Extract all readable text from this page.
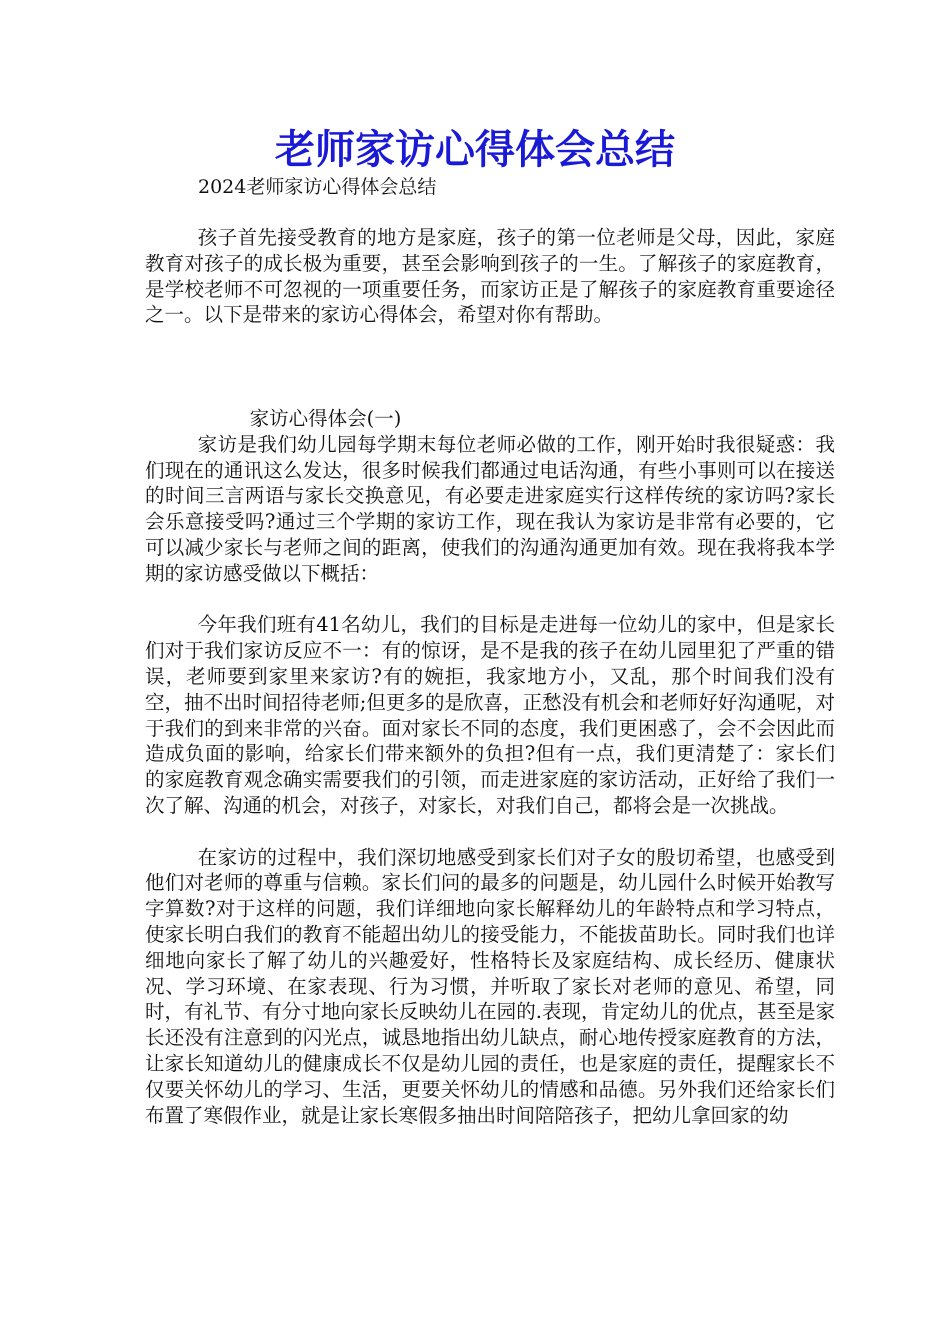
老师家访心得体会总结
2024老师家访心得体会总结

孩子首先接受教育的地方是家庭，孩子的第一位老师是父母，因此，家庭教育对孩子的成长极为重要，甚至会影响到孩子的一生。了解孩子的家庭教育，是学校老师不可忽视的一项重要任务，而家访正是了解孩子的家庭教育重要途径之一。以下是带来的家访心得体会，希望对你有帮助。

家访心得体会(一)

家访是我们幼儿园每学期末每位老师必做的工作，刚开始时我很疑惑：我们现在的通讯这么发达，很多时候我们都通过电话沟通，有些小事则可以在接送的时间三言两语与家长交换意见，有必要走进家庭实行这样传统的家访吗?家长会乐意接受吗?通过三个学期的家访工作，现在我认为家访是非常有必要的，它可以减少家长与老师之间的距离，使我们的沟通沟通更加有效。现在我将我本学期的家访感受做以下概括：

今年我们班有41名幼儿，我们的目标是走进每一位幼儿的家中，但是家长们对于我们家访反应不一：有的惊讶，是不是我的孩子在幼儿园里犯了严重的错误，老师要到家里来家访?有的婉拒，我家地方小，又乱，那个时间我们没有空，抽不出时间招待老师;但更多的是欣喜，正愁没有机会和老师好好沟通呢，对于我们的到来非常的兴奋。面对家长不同的态度，我们更困惑了，会不会因此而造成负面的影响，给家长们带来额外的负担?但有一点，我们更清楚了：家长们的家庭教育观念确实需要我们的引领，而走进家庭的家访活动，正好给了我们一次了解、沟通的机会，对孩子，对家长，对我们自己，都将会是一次挑战。

在家访的过程中，我们深切地感受到家长们对子女的殷切希望，也感受到他们对老师的尊重与信赖。家长们问的最多的问题是，幼儿园什么时候开始教写字算数?对于这样的问题，我们详细地向家长解释幼儿的年龄特点和学习特点，使家长明白我们的教育不能超出幼儿的接受能力，不能拔苗助长。同时我们也详细地向家长了解了幼儿的兴趣爱好，性格特长及家庭结构、成长经历、健康状况、学习环境、在家表现、行为习惯，并听取了家长对老师的意见、希望，同时，有礼节、有分寸地向家长反映幼儿在园的.表现，肯定幼儿的优点，甚至是家长还没有注意到的闪光点，诚恳地指出幼儿缺点，耐心地传授家庭教育的方法，让家长知道幼儿的健康成长不仅是幼儿园的责任，也是家庭的责任，提醒家长不仅要关怀幼儿的学习、生活，更要关怀幼儿的情感和品德。另外我们还给家长们布置了寒假作业，就是让家长寒假多抽出时间陪陪孩子，把幼儿拿回家的幼
